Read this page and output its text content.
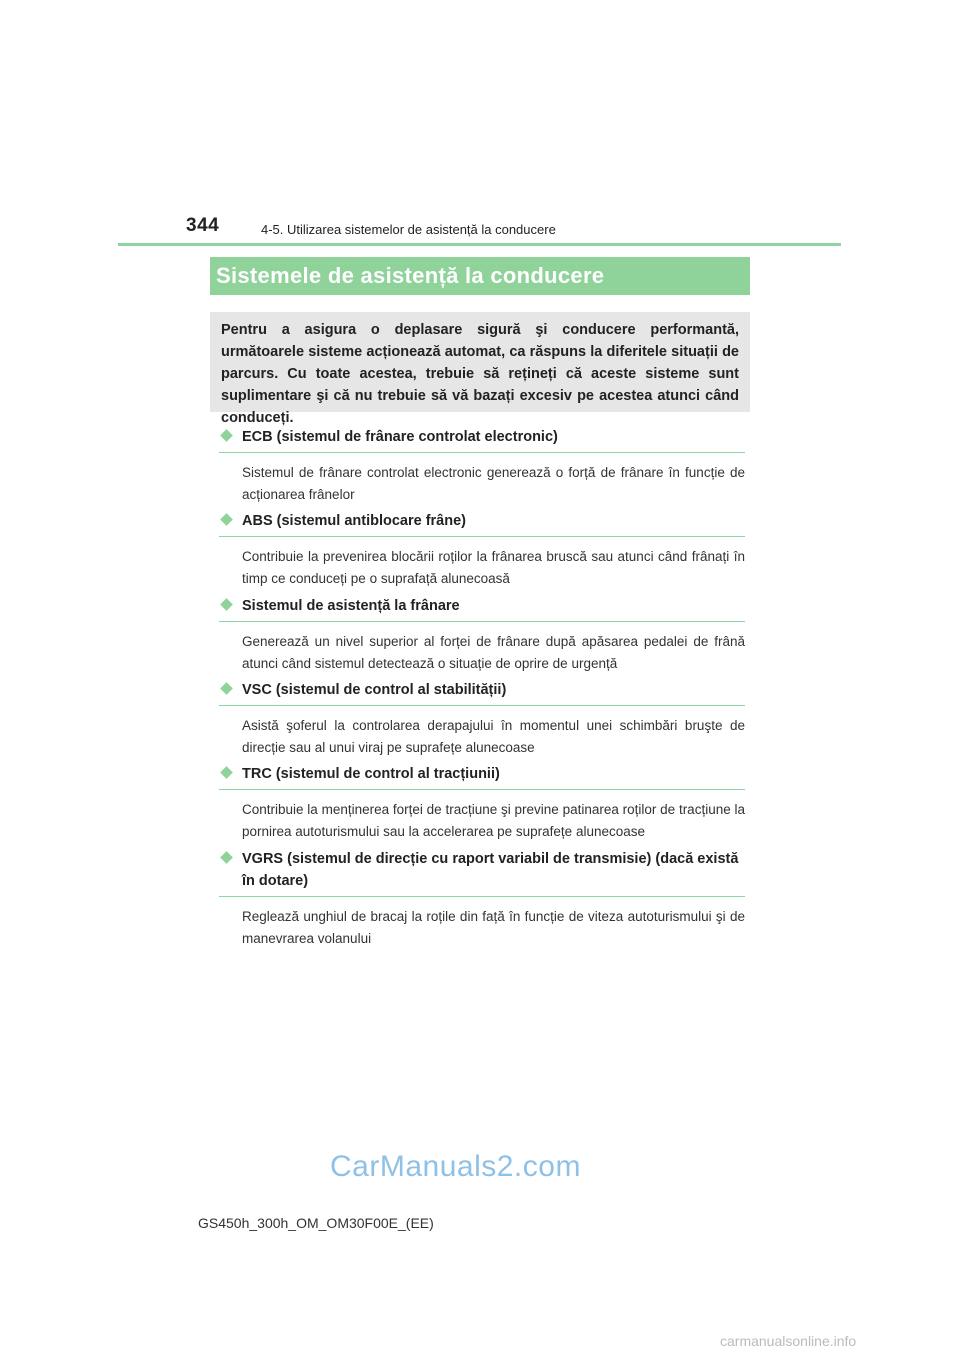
344	4-5. Utilizarea sistemelor de asistență la conducere
Sistemele de asistență la conducere
Pentru a asigura o deplasare sigură şi conducere performantă, următoarele sisteme acționează automat, ca răspuns la diferitele situații de parcurs. Cu toate acestea, trebuie să rețineți că aceste sisteme sunt suplimentare şi că nu trebuie să vă bazați excesiv pe acestea atunci când conduceți.
ECB (sistemul de frânare controlat electronic)
Sistemul de frânare controlat electronic generează o forță de frânare în funcție de acționarea frânelor
ABS (sistemul antiblocare frâne)
Contribuie la prevenirea blocării roților la frânarea bruscă sau atunci când frânați în timp ce conduceți pe o suprafață alunecoasă
Sistemul de asistență la frânare
Generează un nivel superior al forței de frânare după apăsarea pedalei de frână atunci când sistemul detectează o situație de oprire de urgență
VSC (sistemul de control al stabilității)
Asistă şoferul la controlarea derapajului în momentul unei schimbări bruşte de direcție sau al unui viraj pe suprafețe alunecoase
TRC (sistemul de control al tracțiunii)
Contribuie la menținerea forței de tracțiune şi previne patinarea roților de tracțiune la pornirea autoturismului sau la accelerarea pe suprafețe alunecoase
VGRS (sistemul de direcție cu raport variabil de transmisie) (dacă există în dotare)
Reglează unghiul de bracaj la roțile din față în funcție de viteza autoturismului şi de manevrarea volanului
CarManuals2.com
GS450h_300h_OM_OM30F00E_(EE)
carmanualsonline.info
